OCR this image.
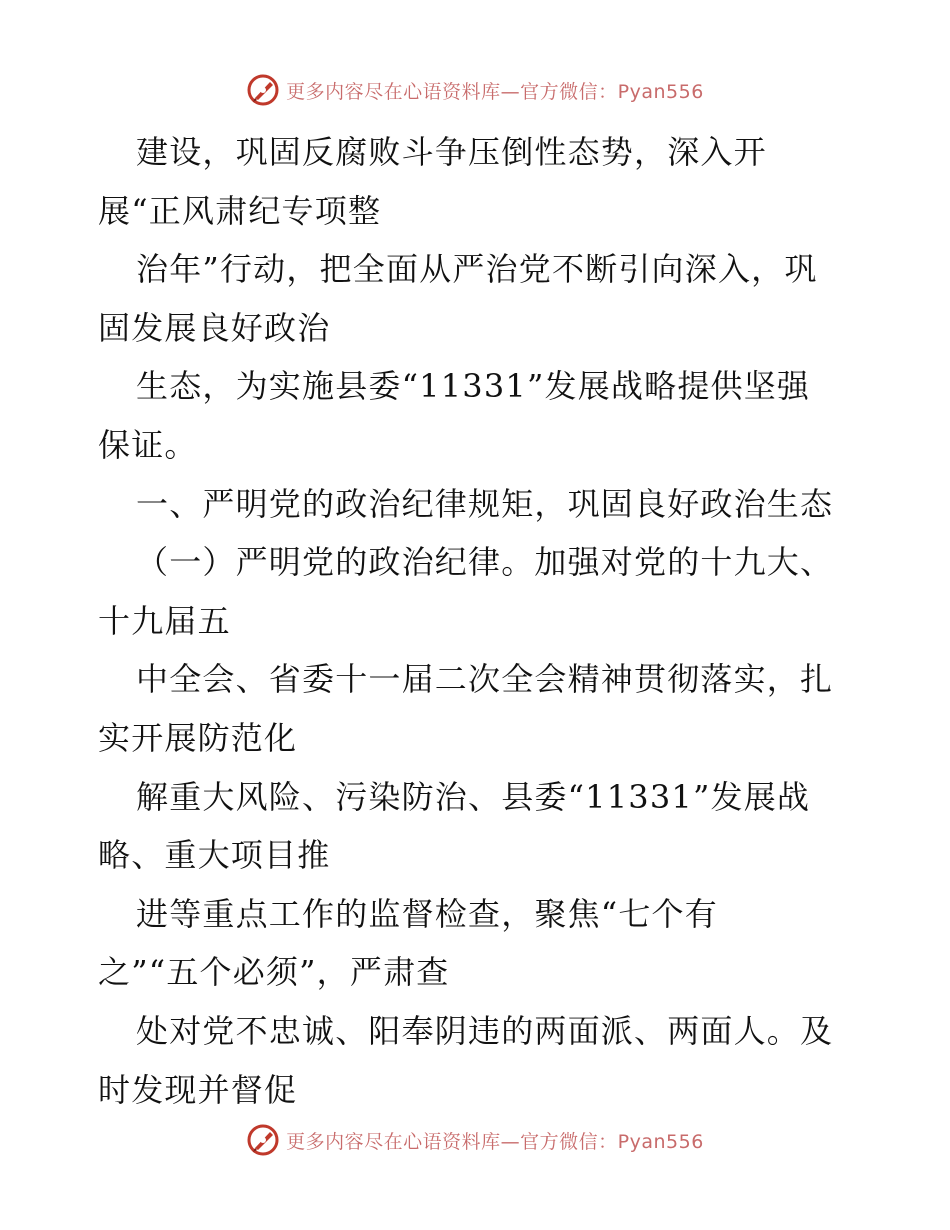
更多内容尽在心语资料库—官方微信：Pyan556
建设，巩固反腐败斗争压倒性态势，深入开
展“正风肃纪专项整
治年”行动，把全面从严治党不断引向深入，巩
固发展良好政治
生态，为实施县委“11331”发展战略提供坚强
保证。
一、严明党的政治纪律规矩，巩固良好政治生态
（一）严明党的政治纪律。加强对党的十九大、
十九届五
中全会、省委十一届二次全会精神贯彻落实，扎
实开展防范化
解重大风险、污染防治、县委“11331”发展战
略、重大项目推
进等重点工作的监督检查，聚焦“七个有
之”“五个必须”，严肃查
处对党不忠诚、阳奉阴违的两面派、两面人。及
时发现并督促
更多内容尽在心语资料库—官方微信：Pyan556
